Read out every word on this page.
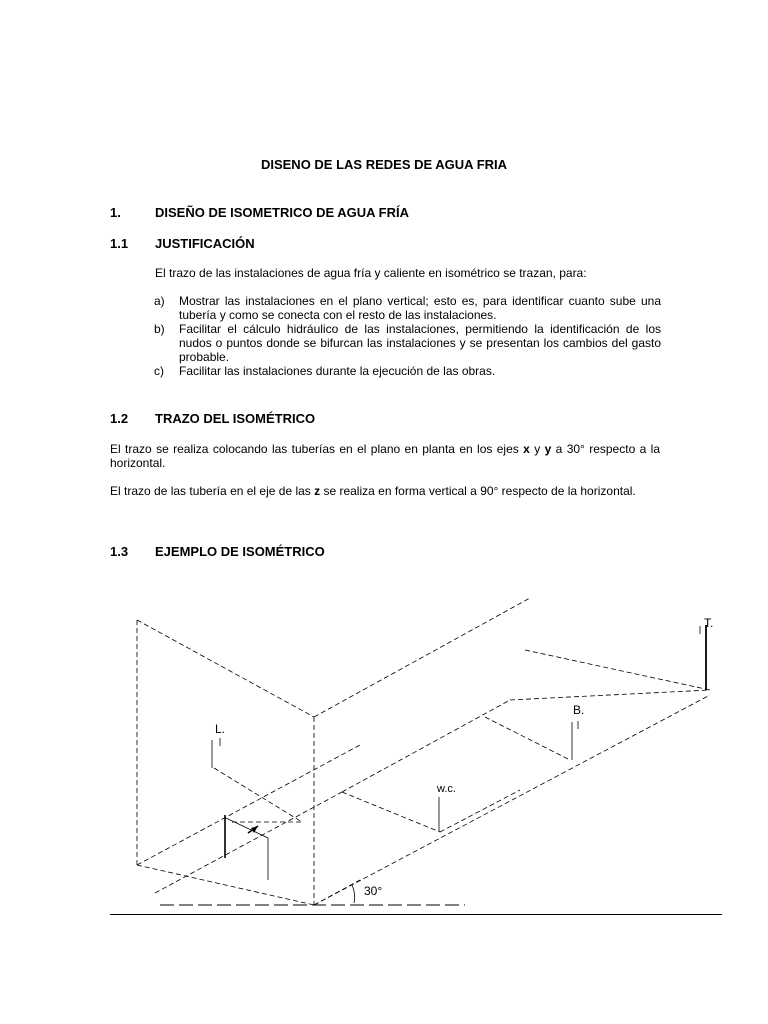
DISENO DE LAS REDES DE AGUA FRIA
1.	DISEÑO DE ISOMETRICO DE AGUA FRÍA
1.1 JUSTIFICACIÓN
El trazo de las instalaciones de agua fría y caliente en isométrico se trazan, para:
a) Mostrar las instalaciones en el plano vertical; esto es, para identificar cuanto sube una tubería y como se conecta con el resto de las instalaciones.
b) Facilitar el cálculo hidráulico de las instalaciones, permitiendo la identificación de los nudos o puntos donde se bifurcan las instalaciones y se presentan los cambios del gasto probable.
c) Facilitar las instalaciones durante la ejecución de las obras.
1.2 TRAZO DEL ISOMÉTRICO
El trazo se realiza colocando las tuberías en el plano en planta en los ejes x y y a 30° respecto a la horizontal.
El trazo de las tubería en el eje de las z se realiza en forma vertical a 90° respecto de la horizontal.
1.3 EJEMPLO DE ISOMÉTRICO
T.
B.
L.
w.c.
30°
